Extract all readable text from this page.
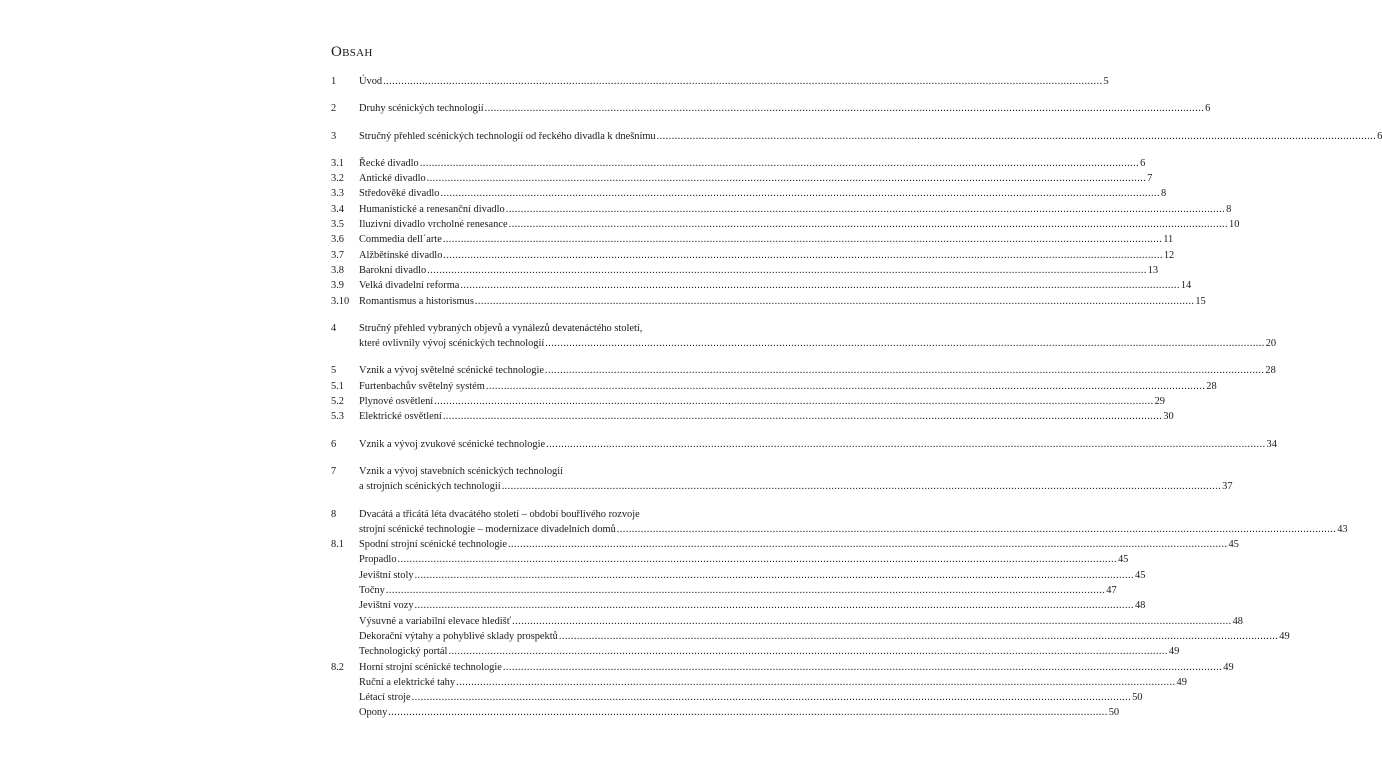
Obsah
1	Úvod .....	5
2	Druhy scénických technologií .....	6
3	Stručný přehled scénických technologií od řeckého divadla k dnešnímu .....	6
3.1	Řecké divadlo .....	6
3.2	Antické divadlo .....	7
3.3	Středověké divadlo .....	8
3.4	Humanistické a renesanční divadlo .....	8
3.5	Iluzivní divadlo vrcholné renesance .....	10
3.6	Commedia dell´arte .....	11
3.7	Alžbětínské divadlo .....	12
3.8	Barokní divadlo .....	13
3.9	Velká divadelní reforma .....	14
3.10 Romantismus a historismus .....	15
4	Stručný přehled vybraných objevů a vynálezů devatenáctého století,
které ovlivnily vývoj scénických technologií .....	20
5	Vznik a vývoj světelné scénické technologie .....	28
5.1	Furtenbachův světelný systém .....	28
5.2	Plynové osvětlení .....	29
5.3	Elektrické osvětlení .....	30
6	Vznik a vývoj zvukové scénické technologie .....	34
7	Vznik a vývoj stavebních scénických technologií
a strojních scénických technologií .....	37
8	Dvacátá a třicátá léta dvacátého století – období bouřlivého rozvoje
strojní scénické technologie – modernizace divadelních domů .....	43
8.1	Spodní strojní scénické technologie .....	45
Propadlo .....	45
Jevištní stoly .....	45
Točny .....	47
Jevištní vozy .....	48
Výsuvné a variabilní elevace hledišť .....	48
Dekorační výtahy a pohyblivé sklady prospektů .....	49
Technologický portál .....	49
8.2	Horní strojní scénické technologie .....	49
Ruční a elektrické tahy .....	49
Létací stroje .....	50
Opony .....	50
